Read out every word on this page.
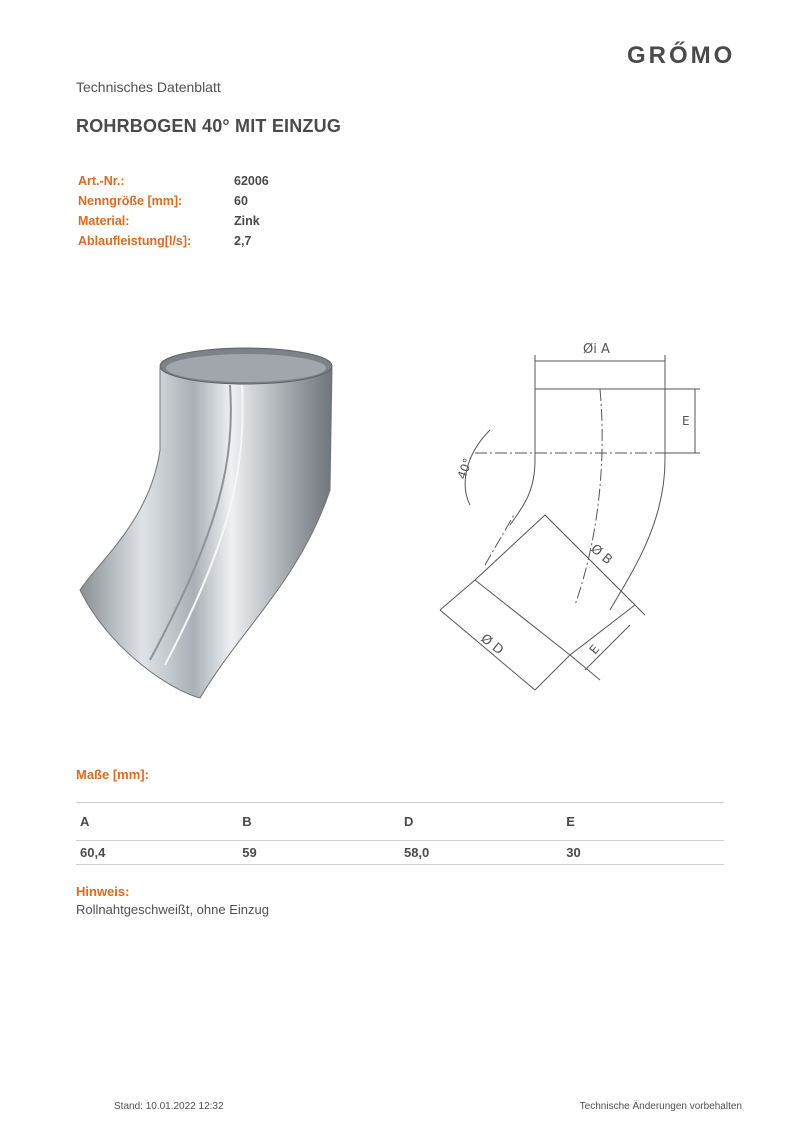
GRŐMO
Technisches Datenblatt
ROHRBOGEN 40° MIT EINZUG
Art.-Nr.:	62006
Nenngröße [mm]:	60
Material:	Zink
Ablaufleistung[l/s]:	2,7
Øi A
E
Ø D	E
Ø B
40°
Maße [mm]:
A	B	D	E
60,4	59	58,0	30
Hinweis:
Rollnahtgeschweißt, ohne Einzug
Stand: 10.01.2022 12:32	Technische Änderungen vorbehalten
